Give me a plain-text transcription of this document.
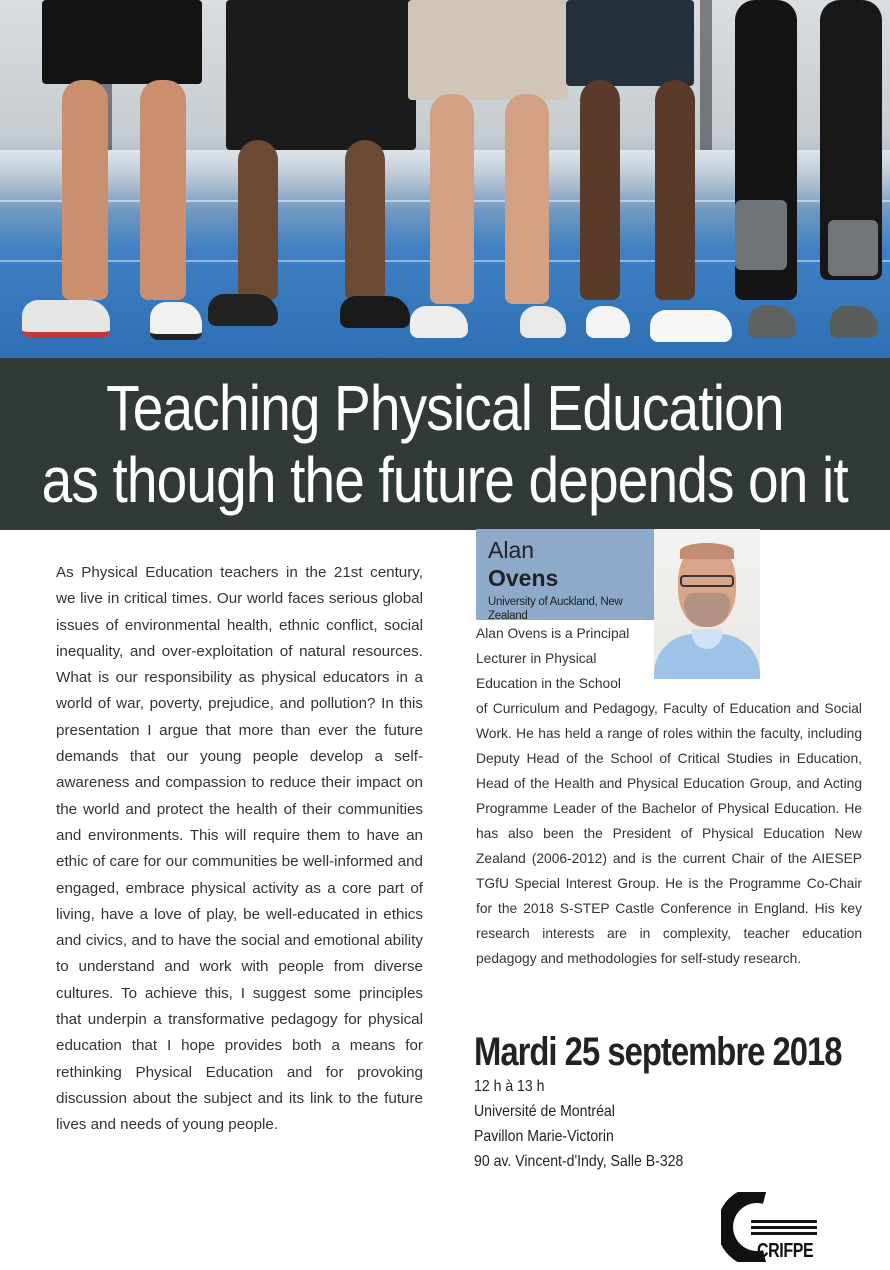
Teaching Physical Education
as though the future depends on it
As Physical Education teachers in the 21st century, we live in critical times. Our world faces serious global issues of environmental health, ethnic conflict, social inequality, and over-exploitation of natural resources. What is our responsibility as physical educators in a world of war, poverty, prejudice, and pollution? In this presentation I argue that more than ever the future demands that our young people develop a self-awareness and compassion to reduce their impact on the world and protect the health of their communities and environments. This will require them to have an ethic of care for our communities be well-informed and engaged, embrace physical activity as a core part of living, have a love of play, be well-educated in ethics and civics, and to have the social and emotional ability to understand and work with people from diverse cultures. To achieve this, I suggest some principles that underpin a transformative pedagogy for physical education that I hope provides both a means for rethinking Physical Education and for provoking discussion about the subject and its link to the future lives and needs of young people.
Alan
Ovens
University of Auckland, New Zealand
Alan Ovens is a Principal
Lecturer in Physical
Education in the School
of Curriculum and Pedagogy, Faculty of Education and Social Work. He has held a range of roles within the faculty, including Deputy Head of the School of Critical Studies in Education, Head of the Health and Physical Education Group, and Acting Programme Leader of the Bachelor of Physical Education. He has also been the President of Physical Education New Zealand (2006-2012) and is the current Chair of the AIESEP TGfU Special Interest Group. He is the Programme Co-Chair for the 2018 S-STEP Castle Conference in England. His key research interests are in complexity, teacher education pedagogy and methodologies for self-study research.
Mardi 25 septembre 2018
12 h à 13 h
Université de Montréal
Pavillon Marie-Victorin
90 av. Vincent-d'Indy, Salle B-328
CRIFPE
